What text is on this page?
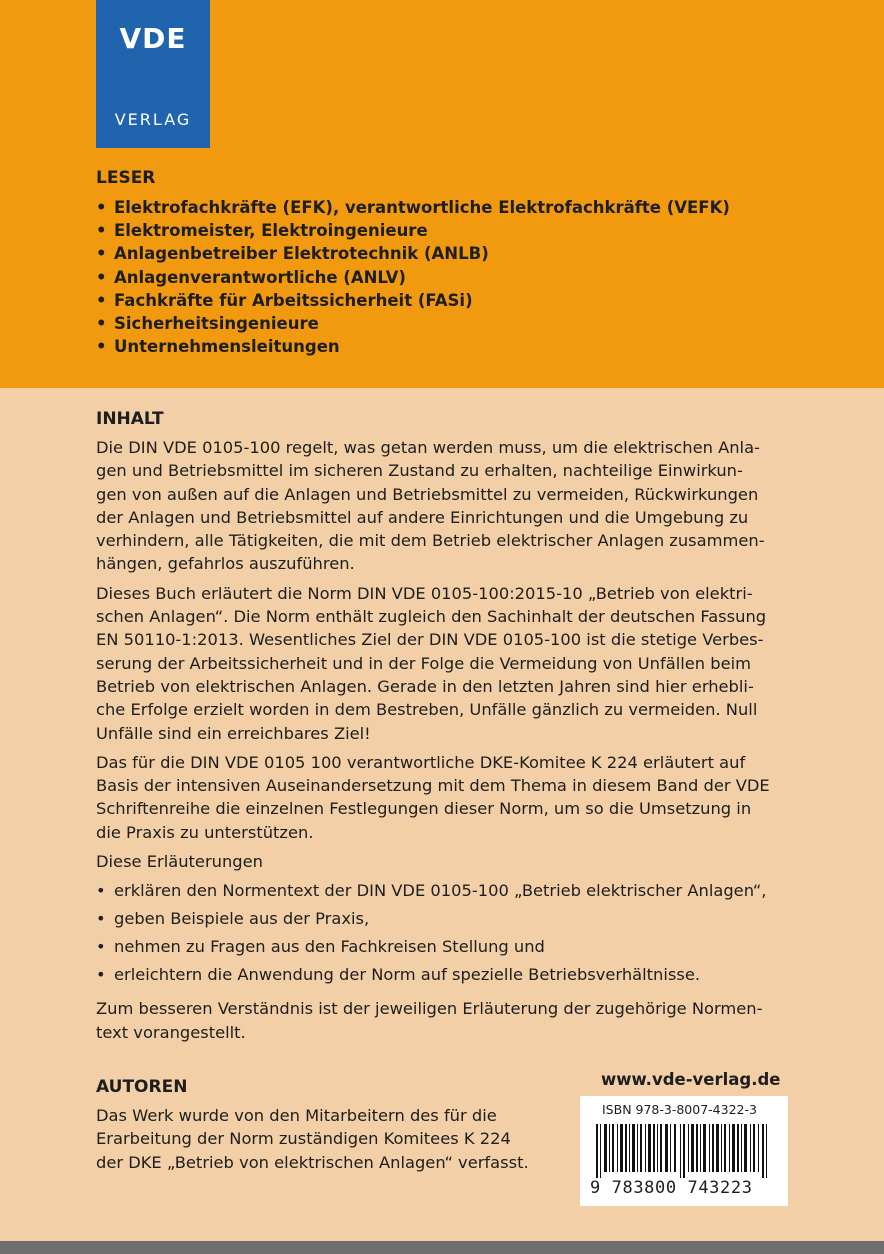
VDE
VERLAG
LESER
• Elektrofachkräfte (EFK), verantwortliche Elektrofachkräfte (VEFK)
• Elektromeister, Elektroingenieure
• Anlagenbetreiber Elektrotechnik (ANLB)
• Anlagenverantwortliche (ANLV)
• Fachkräfte für Arbeitssicherheit (FASi)
• Sicherheitsingenieure
• Unternehmensleitungen
INHALT

Die DIN VDE 0105-100 regelt, was getan werden muss, um die elektrischen Anla-
gen und Betriebsmittel im sicheren Zustand zu erhalten, nachteilige Einwirkun-
gen von außen auf die Anlagen und Betriebsmittel zu vermeiden, Rückwirkungen
der Anlagen und Betriebsmittel auf andere Einrichtungen und die Umgebung zu
verhindern, alle Tätigkeiten, die mit dem Betrieb elektrischer Anlagen zusammen-
hängen, gefahrlos auszuführen.

Dieses Buch erläutert die Norm DIN VDE 0105-100:2015-10 „Betrieb von elektri-
schen Anlagen“. Die Norm enthält zugleich den Sachinhalt der deutschen Fassung
EN 50110-1:2013. Wesentliches Ziel der DIN VDE 0105-100 ist die stetige Verbes-
serung der Arbeitssicherheit und in der Folge die Vermeidung von Unfällen beim
Betrieb von elektrischen Anlagen. Gerade in den letzten Jahren sind hier erhebli-
che Erfolge erzielt worden in dem Bestreben, Unfälle gänzlich zu vermeiden. Null
Unfälle sind ein erreichbares Ziel!

Das für die DIN VDE 0105 100 verantwortliche DKE-Komitee K 224 erläutert auf
Basis der intensiven Auseinandersetzung mit dem Thema in diesem Band der VDE
Schriftenreihe die einzelnen Festlegungen dieser Norm, um so die Umsetzung in
die Praxis zu unterstützen.

Diese Erläuterungen

• erklären den Normentext der DIN VDE 0105-100 „Betrieb elektrischer Anlagen“,
• geben Beispiele aus der Praxis,
• nehmen zu Fragen aus den Fachkreisen Stellung und
• erleichtern die Anwendung der Norm auf spezielle Betriebsverhältnisse.

Zum besseren Verständnis ist der jeweiligen Erläuterung der zugehörige Normen-
text vorangestellt.

AUTOREN
Das Werk wurde von den Mitarbeitern des für die
Erarbeitung der Norm zuständigen Komitees K 224
der DKE „Betrieb von elektrischen Anlagen“ verfasst.
www.vde-verlag.de
ISBN 978-3-8007-4322-3
9 783800 743223
